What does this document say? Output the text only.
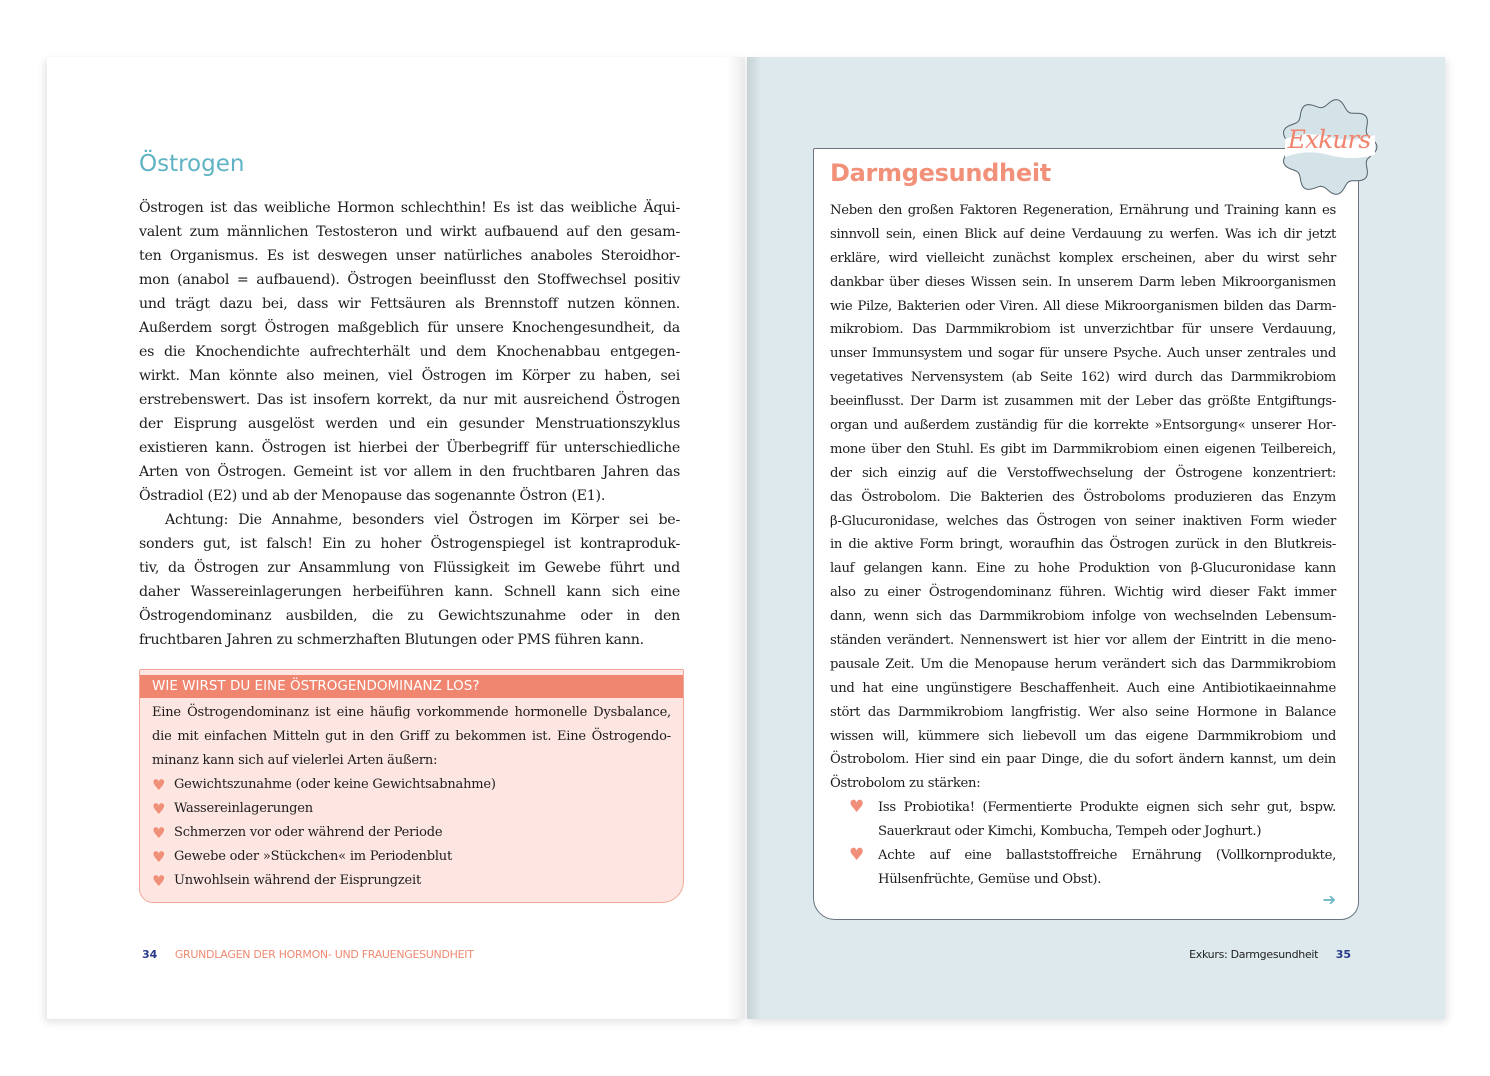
Östrogen
Östrogen ist das weibliche Hormon schlechthin! Es ist das weibliche Äqui-
valent zum männlichen Testosteron und wirkt aufbauend auf den gesam-
ten Organismus. Es ist deswegen unser natürliches anaboles Steroidhor-
mon (anabol = aufbauend). Östrogen beeinflusst den Stoffwechsel positiv
und trägt dazu bei, dass wir Fettsäuren als Brennstoff nutzen können.
Außerdem sorgt Östrogen maßgeblich für unsere Knochengesundheit, da
es die Knochendichte aufrechterhält und dem Knochenabbau entgegen-
wirkt. Man könnte also meinen, viel Östrogen im Körper zu haben, sei
erstrebenswert. Das ist insofern korrekt, da nur mit ausreichend Östrogen
der Eisprung ausgelöst werden und ein gesunder Menstruationszyklus
existieren kann. Östrogen ist hierbei der Überbegriff für unterschiedliche
Arten von Östrogen. Gemeint ist vor allem in den fruchtbaren Jahren das
Östradiol (E2) und ab der Menopause das sogenannte Östron (E1).
Achtung: Die Annahme, besonders viel Östrogen im Körper sei be-
sonders gut, ist falsch! Ein zu hoher Östrogenspiegel ist kontraproduk-
tiv, da Östrogen zur Ansammlung von Flüssigkeit im Gewebe führt und
daher Wassereinlagerungen herbeiführen kann. Schnell kann sich eine
Östrogendominanz ausbilden, die zu Gewichtszunahme oder in den
fruchtbaren Jahren zu schmerzhaften Blutungen oder PMS führen kann.
WIE WIRST DU EINE ÖSTROGENDOMINANZ LOS?
Eine Östrogendominanz ist eine häufig vorkommende hormonelle Dysbalance,
die mit einfachen Mitteln gut in den Griff zu bekommen ist. Eine Östrogendo-
minanz kann sich auf vielerlei Arten äußern:
♥ Gewichtszunahme (oder keine Gewichtsabnahme)
♥ Wassereinlagerungen
♥ Schmerzen vor oder während der Periode
♥ Gewebe oder »Stückchen« im Periodenblut
♥ Unwohlsein während der Eisprungzeit
34 GRUNDLAGEN DER HORMON- UND FRAUENGESUNDHEIT
Darmgesundheit
Neben den großen Faktoren Regeneration, Ernährung und Training kann es
sinnvoll sein, einen Blick auf deine Verdauung zu werfen. Was ich dir jetzt
erkläre, wird vielleicht zunächst komplex erscheinen, aber du wirst sehr
dankbar über dieses Wissen sein. In unserem Darm leben Mikroorganismen
wie Pilze, Bakterien oder Viren. All diese Mikroorganismen bilden das Darm-
mikrobiom. Das Darmmikrobiom ist unverzichtbar für unsere Verdauung,
unser Immunsystem und sogar für unsere Psyche. Auch unser zentrales und
vegetatives Nervensystem (ab Seite 162) wird durch das Darmmikrobiom
beeinflusst. Der Darm ist zusammen mit der Leber das größte Entgiftungs-
organ und außerdem zuständig für die korrekte »Entsorgung« unserer Hor-
mone über den Stuhl. Es gibt im Darmmikrobiom einen eigenen Teilbereich,
der sich einzig auf die Verstoffwechselung der Östrogene konzentriert:
das Östrobolom. Die Bakterien des Östroboloms produzieren das Enzym
β-Glucuronidase, welches das Östrogen von seiner inaktiven Form wieder
in die aktive Form bringt, woraufhin das Östrogen zurück in den Blutkreis-
lauf gelangen kann. Eine zu hohe Produktion von β-Glucuronidase kann
also zu einer Östrogendominanz führen. Wichtig wird dieser Fakt immer
dann, wenn sich das Darmmikrobiom infolge von wechselnden Lebensum-
ständen verändert. Nennenswert ist hier vor allem der Eintritt in die meno-
pausale Zeit. Um die Menopause herum verändert sich das Darmmikrobiom
und hat eine ungünstigere Beschaffenheit. Auch eine Antibiotikaeinnahme
stört das Darmmikrobiom langfristig. Wer also seine Hormone in Balance
wissen will, kümmere sich liebevoll um das eigene Darmmikrobiom und
Östrobolom. Hier sind ein paar Dinge, die du sofort ändern kannst, um dein
Östrobolom zu stärken:
♥	Iss Probiotika! (Fermentierte Produkte eignen sich sehr gut, bspw.
Sauerkraut oder Kimchi, Kombucha, Tempeh oder Joghurt.)
♥	Achte auf eine ballaststoffreiche Ernährung (Vollkornprodukte,
Hülsenfrüchte, Gemüse und Obst).
➔
Exkurs
Exkurs: Darmgesundheit 35
